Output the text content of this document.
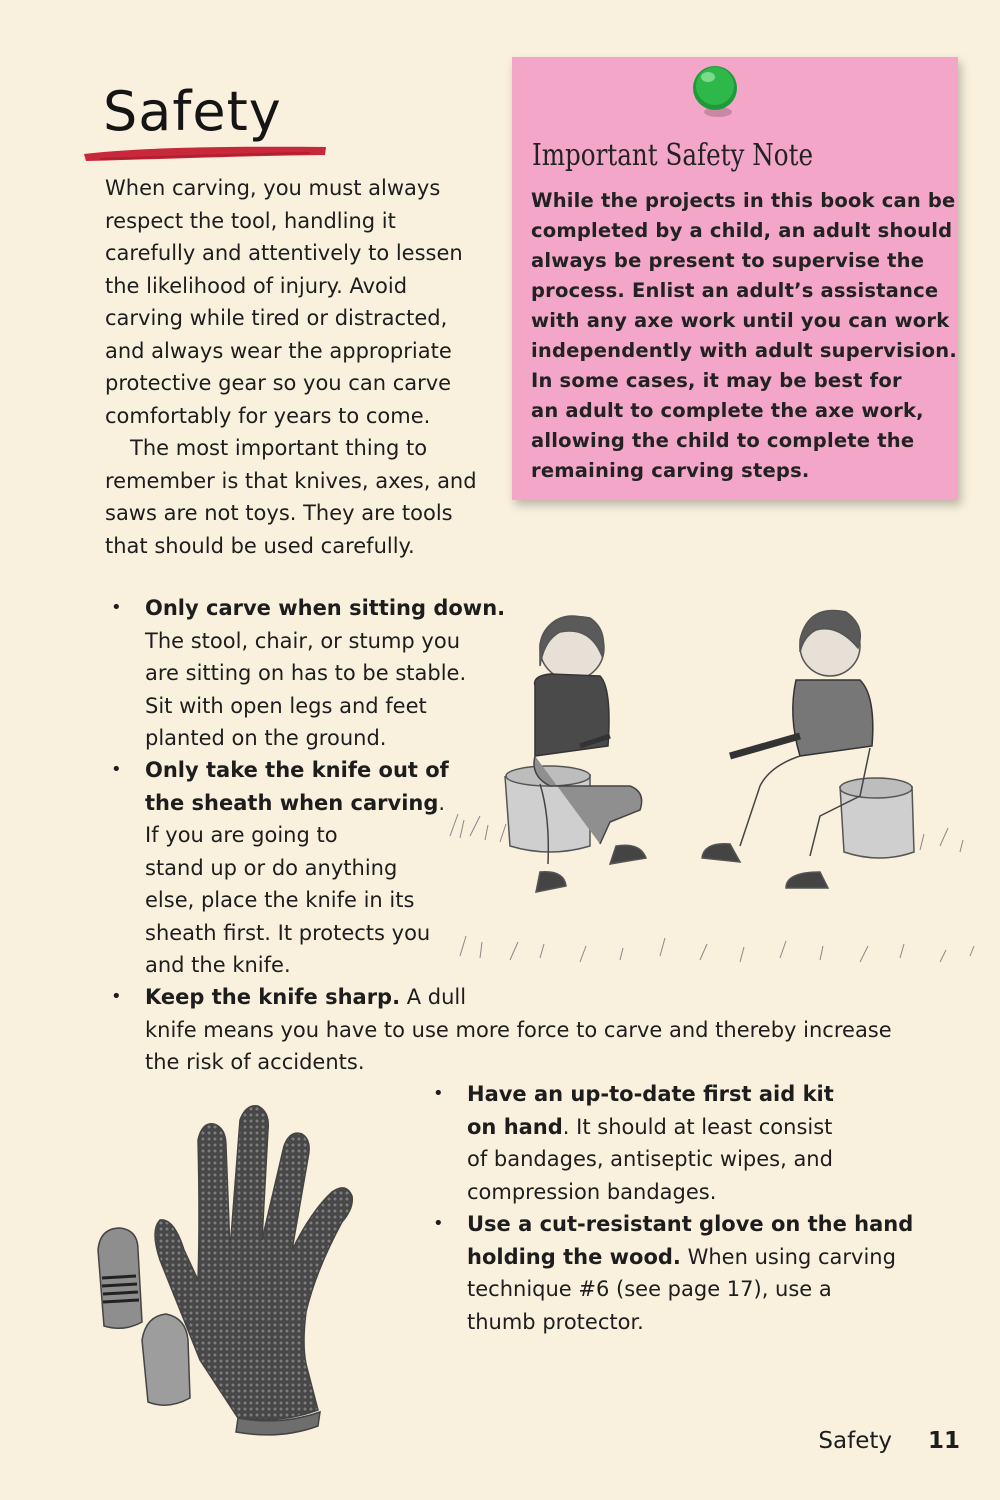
Safety

When carving, you must always
respect the tool, handling it
carefully and attentively to lessen
the likelihood of injury. Avoid
carving while tired or distracted,
and always wear the appropriate
protective gear so you can carve
comfortably for years to come.

The most important thing to
remember is that knives, axes, and
saws are not toys. They are tools
that should be used carefully.

Important Safety Note
While the projects in this book can be
completed by a child, an adult should
always be present to supervise the
process. Enlist an adult’s assistance
with any axe work until you can work
independently with adult supervision.
In some cases, it may be best for
an adult to complete the axe work,
allowing the child to complete the
remaining carving steps.
• Only carve when sitting down.
The stool, chair, or stump you
are sitting on has to be stable.
Sit with open legs and feet
planted on the ground.
• Only take the knife out of
the sheath when carving.
If you are going to
stand up or do anything
else, place the knife in its
sheath first. It protects you
and the knife.
• Keep the knife sharp. A dull
knife means you have to use more force to carve and thereby increase
the risk of accidents.
• Have an up-to-date first aid kit
on hand. It should at least consist
of bandages, antiseptic wipes, and
compression bandages.
• Use a cut-resistant glove on the hand
holding the wood. When using carving
technique #6 (see page 17), use a
thumb protector.
Safety 11
